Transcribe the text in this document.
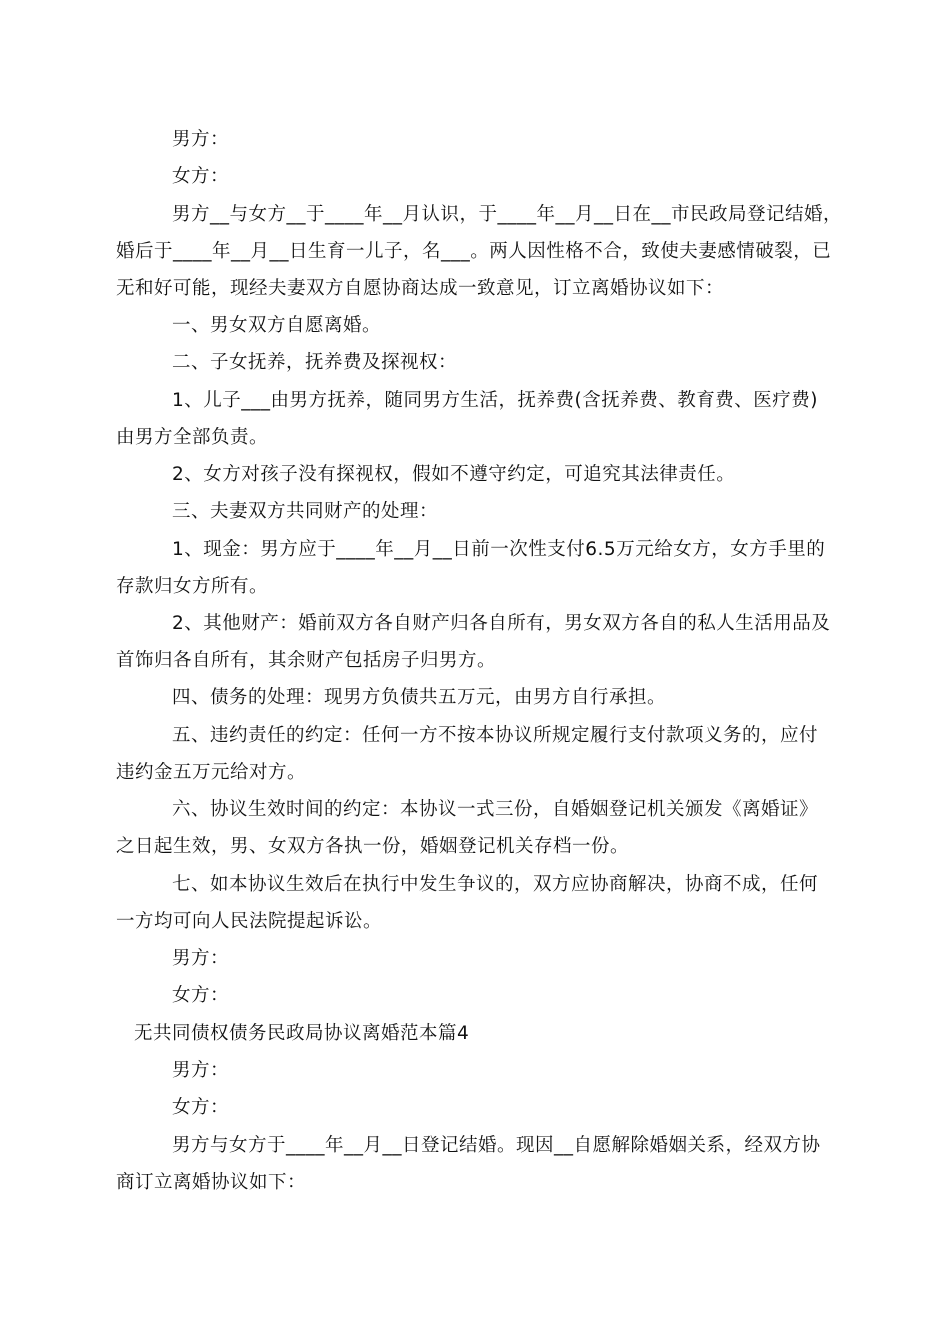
男方：
女方：
男方__与女方__于____年__月认识，于____年__月__日在__市民政局登记结婚，
婚后于____年__月__日生育一儿子，名___。两人因性格不合，致使夫妻感情破裂，已
无和好可能，现经夫妻双方自愿协商达成一致意见，订立离婚协议如下：
一、男女双方自愿离婚。
二、子女抚养，抚养费及探视权：
1、儿子___由男方抚养，随同男方生活，抚养费(含抚养费、教育费、医疗费)
由男方全部负责。
2、女方对孩子没有探视权，假如不遵守约定，可追究其法律责任。
三、夫妻双方共同财产的处理：
1、现金：男方应于____年__月__日前一次性支付6.5万元给女方，女方手里的
存款归女方所有。
2、其他财产：婚前双方各自财产归各自所有，男女双方各自的私人生活用品及
首饰归各自所有，其余财产包括房子归男方。
四、债务的处理：现男方负债共五万元，由男方自行承担。
五、违约责任的约定：任何一方不按本协议所规定履行支付款项义务的，应付
违约金五万元给对方。
六、协议生效时间的约定：本协议一式三份，自婚姻登记机关颁发《离婚证》
之日起生效，男、女双方各执一份，婚姻登记机关存档一份。
七、如本协议生效后在执行中发生争议的，双方应协商解决，协商不成，任何
一方均可向人民法院提起诉讼。
男方：
女方：
无共同债权债务民政局协议离婚范本篇4
男方：
女方：
男方与女方于____年__月__日登记结婚。现因__自愿解除婚姻关系，经双方协
商订立离婚协议如下：
